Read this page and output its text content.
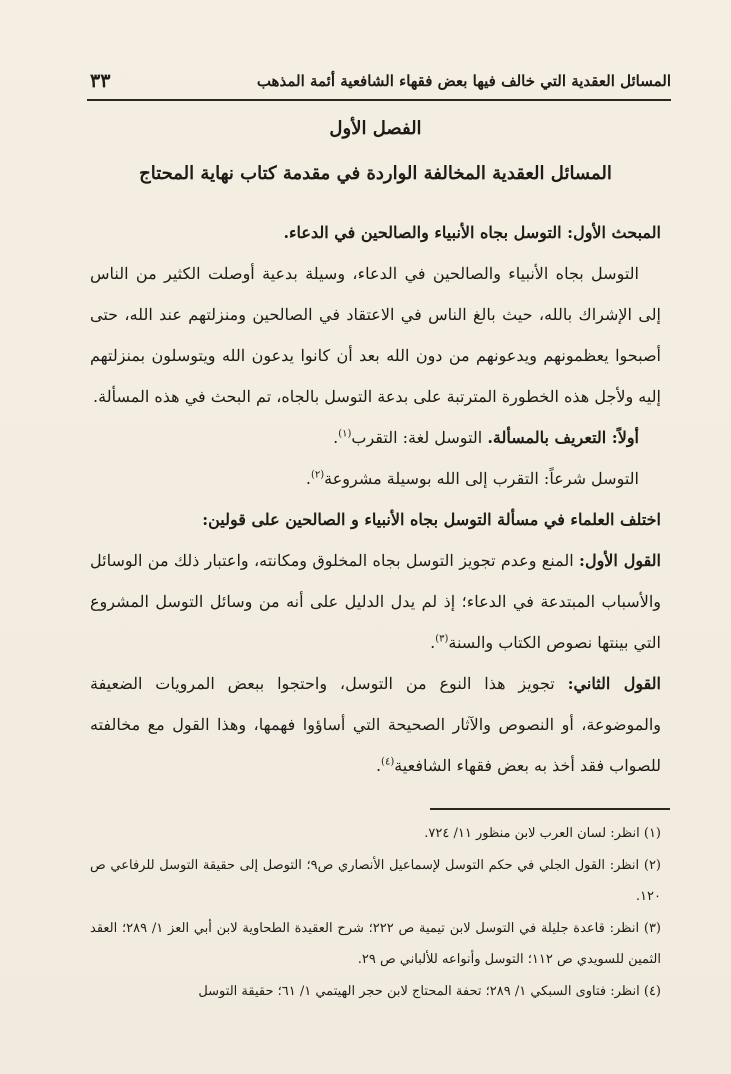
المسائل العقدية التي خالف فيها بعض فقهاء الشافعية أئمة المذهب
٣٣
الفصل الأول
المسائل العقدية المخالفة الواردة في مقدمة كتاب نهاية المحتاج

المبحث الأول: التوسل بجاه الأنبياء والصالحين في الدعاء.

التوسل بجاه الأنبياء والصالحين في الدعاء، وسيلة بدعية أوصلت الكثير من الناس إلى الإشراك بالله، حيث بالغ الناس في الاعتقاد في الصالحين ومنزلتهم عند الله، حتى أصبحوا يعظمونهم ويدعونهم من دون الله بعد أن كانوا يدعون الله ويتوسلون بمنزلتهم إليه ولأجل هذه الخطورة المترتبة على بدعة التوسل بالجاه، تم البحث في هذه المسألة.

أولاً: التعريف بالمسألة. التوسل لغة: التقرب$^{(١)}$.

التوسل شرعاً: التقرب إلى الله بوسيلة مشروعة$^{(٢)}$.

اختلف العلماء في مسألة التوسل بجاه الأنبياء و الصالحين على قولين:

القول الأول: المنع وعدم تجويز التوسل بجاه المخلوق ومكانته، واعتبار ذلك من الوسائل والأسباب المبتدعة في الدعاء؛ إذ لم يدل الدليل على أنه من وسائل التوسل المشروع التي بينتها نصوص الكتاب والسنة$^{(٣)}$.

القول الثاني: تجويز هذا النوع من التوسل، واحتجوا ببعض المرويات الضعيفة والموضوعة، أو النصوص والآثار الصحيحة التي أساؤوا فهمها، وهذا القول مع مخالفته للصواب فقد أخذ به بعض فقهاء الشافعية$^{(٤)}$.

(١) انظر: لسان العرب لابن منظور ١١/ ٧٢٤.

(٢) انظر: القول الجلي في حكم التوسل لإسماعيل الأنصاري ص٩؛ التوصل إلى حقيقة التوسل للرفاعي ص ١٢٠.

(٣) انظر: قاعدة جليلة في التوسل لابن تيمية ص ٢٢٢؛ شرح العقيدة الطحاوية لابن أبي العز ١/ ٢٨٩؛ العقد الثمين للسويدي ص ١١٢؛ التوسل وأنواعه للألباني ص ٢٩.

(٤) انظر: فتاوى السبكي ١/ ٢٨٩؛ تحفة المحتاج لابن حجر الهيتمي ١/ ٦١؛ حقيقة التوسل
